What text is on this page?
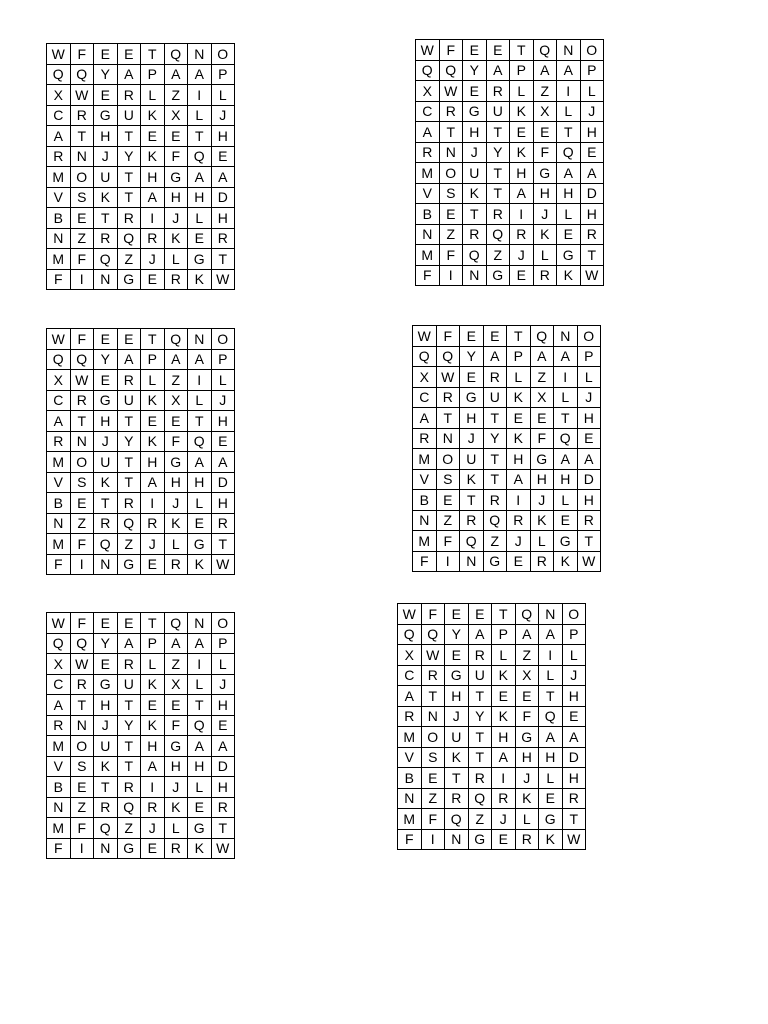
W	F	E	E	T	Q	N	O
Q	Q	Y	A	P	A	A	P
X	W	E	R	L	Z	I	L
C	R	G	U	K	X	L	J
A	T	H	T	E	E	T	H
R	N	J	Y	K	F	Q	E
M	O	U	T	H	G	A	A
V	S	K	T	A	H	H	D
B	E	T	R	I	J	L	H
N	Z	R	Q	R	K	E	R
M	F	Q	Z	J	L	G	T
F	I	N	G	E	R	K	W
W	F	E	E	T	Q	N	O
Q	Q	Y	A	P	A	A	P
X	W	E	R	L	Z	I	L
C	R	G	U	K	X	L	J
A	T	H	T	E	E	T	H
R	N	J	Y	K	F	Q	E
M	O	U	T	H	G	A	A
V	S	K	T	A	H	H	D
B	E	T	R	I	J	L	H
N	Z	R	Q	R	K	E	R
M	F	Q	Z	J	L	G	T
F	I	N	G	E	R	K	W
W	F	E	E	T	Q	N	O
Q	Q	Y	A	P	A	A	P
X	W	E	R	L	Z	I	L
C	R	G	U	K	X	L	J
A	T	H	T	E	E	T	H
R	N	J	Y	K	F	Q	E
M	O	U	T	H	G	A	A
V	S	K	T	A	H	H	D
B	E	T	R	I	J	L	H
N	Z	R	Q	R	K	E	R
M	F	Q	Z	J	L	G	T
F	I	N	G	E	R	K	W
W	F	E	E	T	Q	N	O
Q	Q	Y	A	P	A	A	P
X	W	E	R	L	Z	I	L
C	R	G	U	K	X	L	J
A	T	H	T	E	E	T	H
R	N	J	Y	K	F	Q	E
M	O	U	T	H	G	A	A
V	S	K	T	A	H	H	D
B	E	T	R	I	J	L	H
N	Z	R	Q	R	K	E	R
M	F	Q	Z	J	L	G	T
F	I	N	G	E	R	K	W
W	F	E	E	T	Q	N	O
Q	Q	Y	A	P	A	A	P
X	W	E	R	L	Z	I	L
C	R	G	U	K	X	L	J
A	T	H	T	E	E	T	H
R	N	J	Y	K	F	Q	E
M	O	U	T	H	G	A	A
V	S	K	T	A	H	H	D
B	E	T	R	I	J	L	H
N	Z	R	Q	R	K	E	R
M	F	Q	Z	J	L	G	T
F	I	N	G	E	R	K	W
W	F	E	E	T	Q	N	O
Q	Q	Y	A	P	A	A	P
X	W	E	R	L	Z	I	L
C	R	G	U	K	X	L	J
A	T	H	T	E	E	T	H
R	N	J	Y	K	F	Q	E
M	O	U	T	H	G	A	A
V	S	K	T	A	H	H	D
B	E	T	R	I	J	L	H
N	Z	R	Q	R	K	E	R
M	F	Q	Z	J	L	G	T
F	I	N	G	E	R	K	W
